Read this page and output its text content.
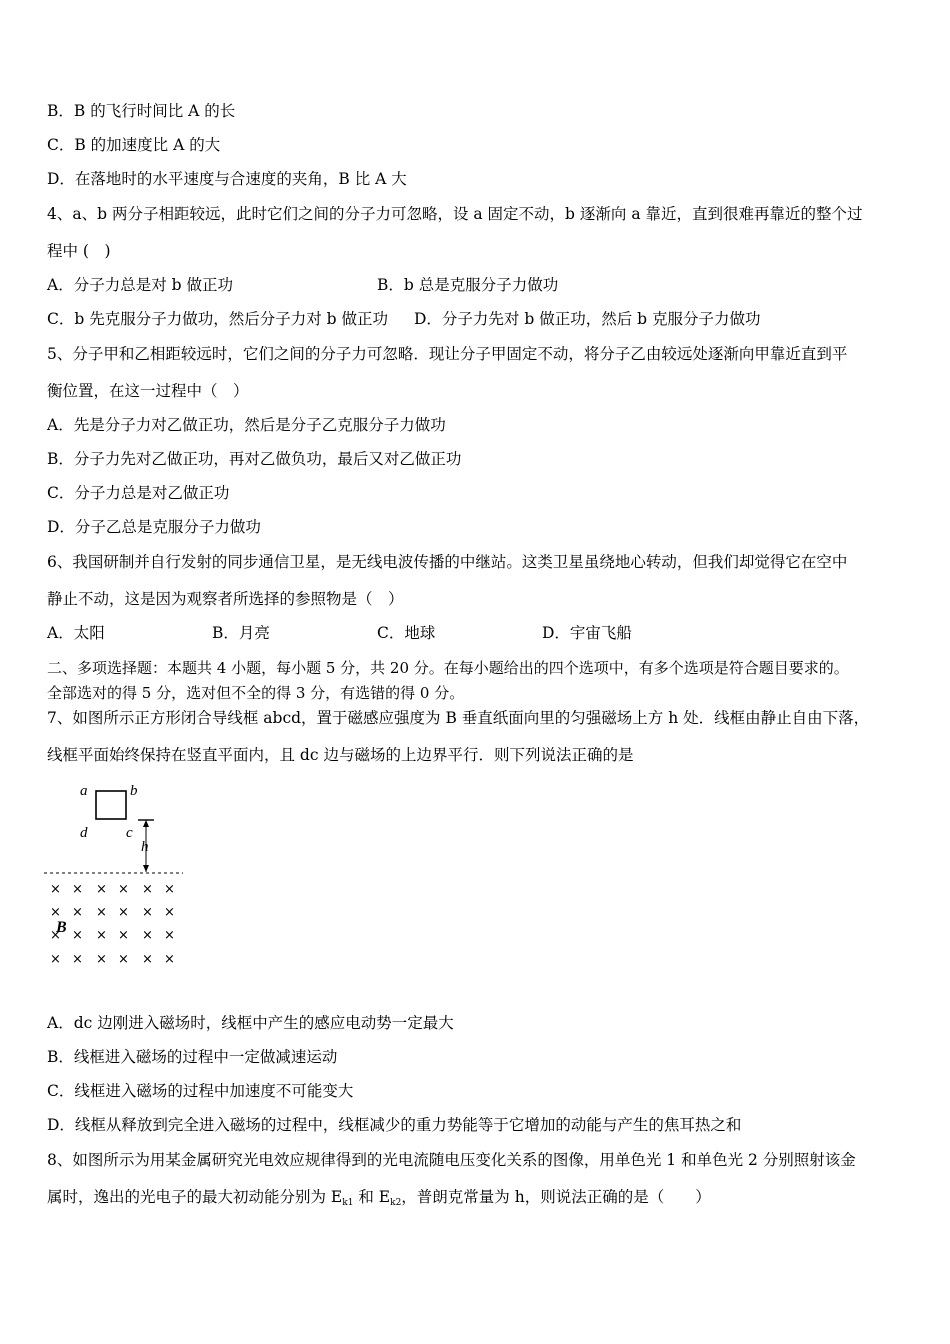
B．B 的飞行时间比 A 的长
C．B 的加速度比 A 的大
D．在落地时的水平速度与合速度的夹角，B 比 A 大
4、a、b 两分子相距较远，此时它们之间的分子力可忽略，设 a 固定不动，b 逐渐向 a 靠近，直到很难再靠近的整个过
程中 (　)
A．分子力总是对 b 做正功	B．b 总是克服分子力做功
C．b 先克服分子力做功，然后分子力对 b 做正功 D．分子力先对 b 做正功，然后 b 克服分子力做功
5、分子甲和乙相距较远时，它们之间的分子力可忽略．现让分子甲固定不动，将分子乙由较远处逐渐向甲靠近直到平
衡位置，在这一过程中（　）
A．先是分子力对乙做正功，然后是分子乙克服分子力做功
B．分子力先对乙做正功，再对乙做负功，最后又对乙做正功
C．分子力总是对乙做正功
D．分子乙总是克服分子力做功
6、我国研制并自行发射的同步通信卫星，是无线电波传播的中继站。这类卫星虽绕地心转动，但我们却觉得它在空中
静止不动，这是因为观察者所选择的参照物是（　）
A．太阳	B．月亮	C．地球	D．宇宙飞船
二、多项选择题：本题共 4 小题，每小题 5 分，共 20 分。在每小题给出的四个选项中，有多个选项是符合题目要求的。
全部选对的得 5 分，选对但不全的得 3 分，有选错的得 0 分。
7、如图所示正方形闭合导线框 abcd，置于磁感应强度为 B 垂直纸面向里的匀强磁场上方 h 处．线框由静止自由下落，
线框平面始终保持在竖直平面内，且 dc 边与磁场的上边界平行．则下列说法正确的是
a	b
d	c
h
× × × × × ×
× × × × × ×
× × × × × ×
× × × × × ×
B
A．dc 边刚进入磁场时，线框中产生的感应电动势一定最大
B．线框进入磁场的过程中一定做减速运动
C．线框进入磁场的过程中加速度不可能变大
D．线框从释放到完全进入磁场的过程中，线框减少的重力势能等于它增加的动能与产生的焦耳热之和
8、如图所示为用某金属研究光电效应规律得到的光电流随电压变化关系的图像，用单色光 1 和单色光 2 分别照射该金
属时，逸出的光电子的最大初动能分别为 $E_{k1}$ 和 $E_{k2}$，普朗克常量为 h，则说法正确的是（　　）
